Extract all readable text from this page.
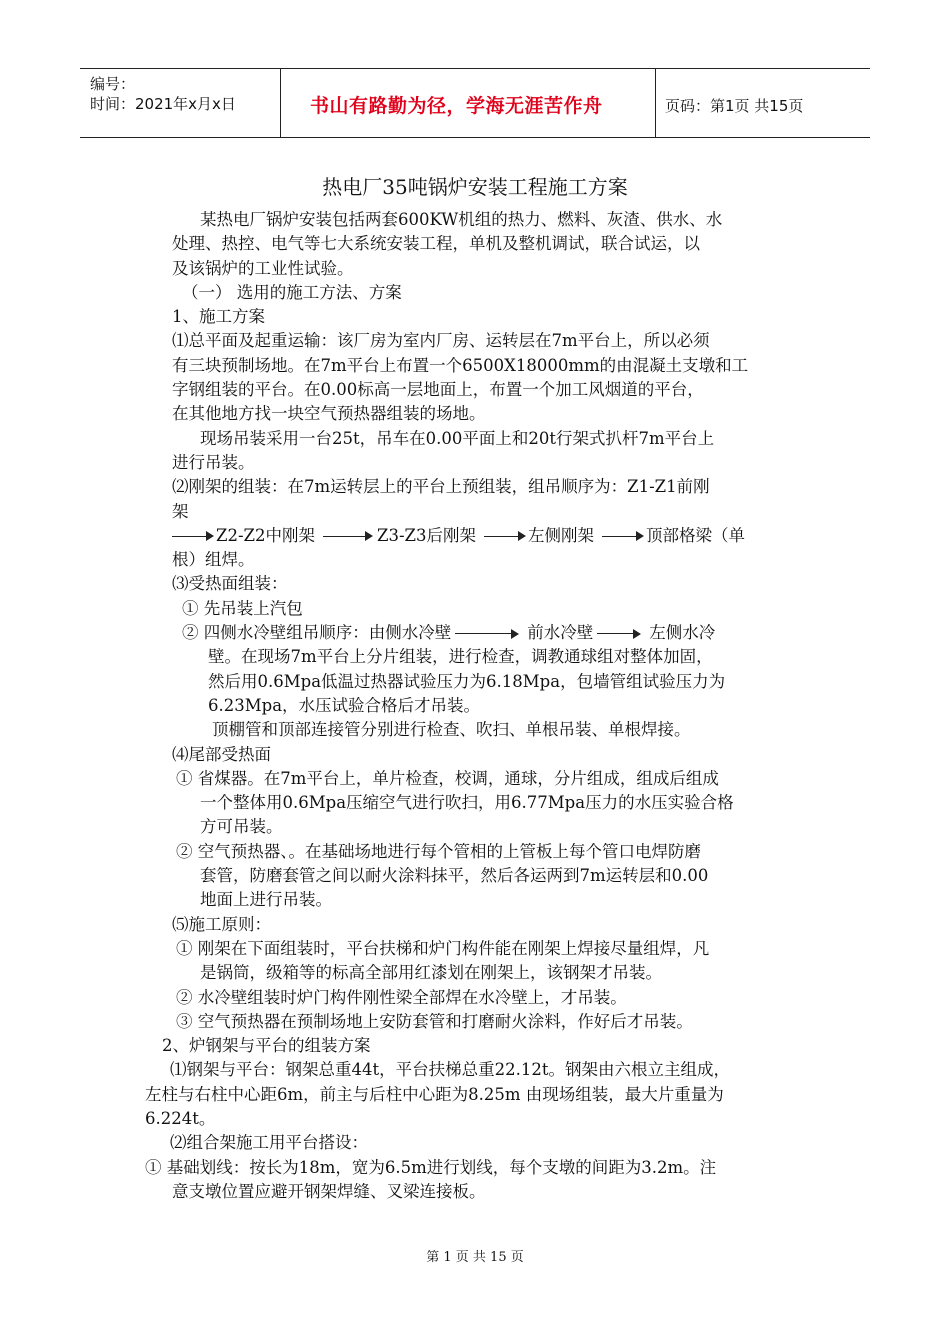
编号：
时间：2021年x月x日	书山有路勤为径，学海无涯苦作舟	页码：第1页 共15页
热电厂35吨锅炉安装工程施工方案
某热电厂锅炉安装包括两套600KW机组的热力、燃料、灰渣、供水、水
处理、热控、电气等七大系统安装工程，单机及整机调试，联合试运，以
及该锅炉的工业性试验。
（一） 选用的施工方法、方案
1、施工方案
⑴总平面及起重运输：该厂房为室内厂房、运转层在7m平台上，所以必须
有三块预制场地。在7m平台上布置一个6500X18000mm的由混凝土支墩和工
字钢组装的平台。在0.00标高一层地面上，布置一个加工风烟道的平台，
在其他地方找一块空气预热器组装的场地。
现场吊装采用一台25t，吊车在0.00平面上和20t行架式扒杆7m平台上
进行吊装。
⑵刚架的组装：在7m运转层上的平台上预组装，组吊顺序为：Z1-Z1前刚
架
Z2-Z2中刚架	Z3-Z3后刚架	左侧刚架	顶部格梁（单
根）组焊。
⑶受热面组装：
① 先吊装上汽包
② 四侧水冷壁组吊顺序：由侧水冷壁	前水冷壁	左侧水冷
壁。在现场7m平台上分片组装，进行检查，调教通球组对整体加固，
然后用0.6Mpa低温过热器试验压力为6.18Mpa，包墙管组试验压力为
6.23Mpa，水压试验合格后才吊装。
顶棚管和顶部连接管分别进行检查、吹扫、单根吊装、单根焊接。
⑷尾部受热面
① 省煤器。在7m平台上，单片检查，校调，通球，分片组成，组成后组成
一个整体用0.6Mpa压缩空气进行吹扫，用6.77Mpa压力的水压实验合格
方可吊装。
② 空气预热器、。在基础场地进行每个管相的上管板上每个管口电焊防磨
套管，防磨套管之间以耐火涂料抹平，然后各运两到7m运转层和0.00
地面上进行吊装。
⑸施工原则：
① 刚架在下面组装时，平台扶梯和炉门构件能在刚架上焊接尽量组焊，凡
是锅筒，级箱等的标高全部用红漆划在刚架上，该钢架才吊装。
② 水冷壁组装时炉门构件刚性梁全部焊在水冷壁上，才吊装。
③ 空气预热器在预制场地上安防套管和打磨耐火涂料，作好后才吊装。
2、炉钢架与平台的组装方案
⑴钢架与平台：钢架总重44t，平台扶梯总重22.12t。钢架由六根立主组成，
左柱与右柱中心距6m，前主与后柱中心距为8.25m 由现场组装，最大片重量为
6.224t。
⑵组合架施工用平台搭设：
① 基础划线：按长为18m，宽为6.5m进行划线，每个支墩的间距为3.2m。注
意支墩位置应避开钢架焊缝、叉梁连接板。
第 1 页 共 15 页
